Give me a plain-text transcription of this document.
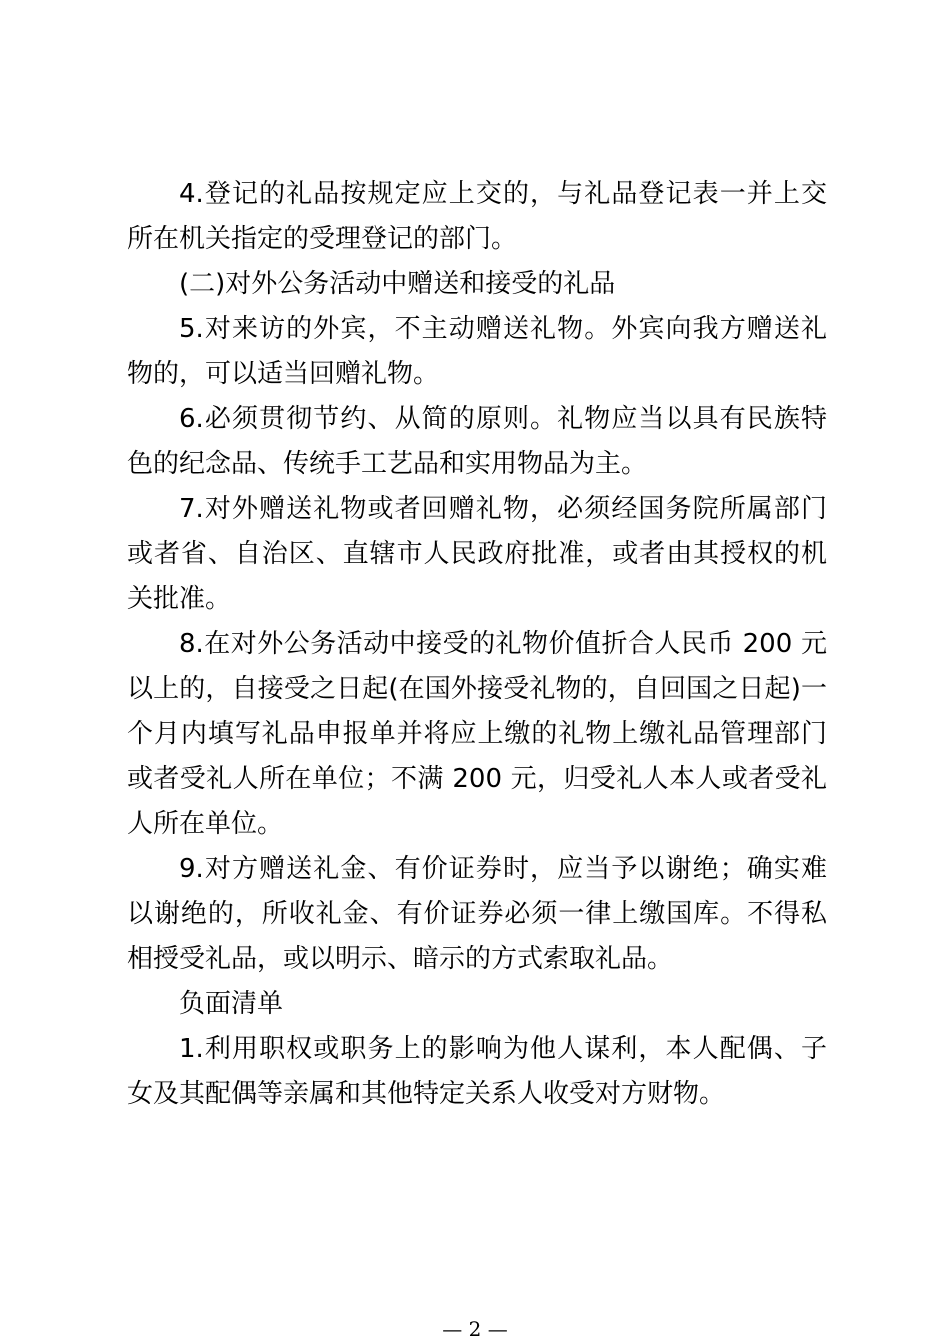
4.登记的礼品按规定应上交的，与礼品登记表一并上交所在机关指定的受理登记的部门。

(二)对外公务活动中赠送和接受的礼品

5.对来访的外宾，不主动赠送礼物。外宾向我方赠送礼物的，可以适当回赠礼物。

6.必须贯彻节约、从简的原则。礼物应当以具有民族特色的纪念品、传统手工艺品和实用物品为主。

7.对外赠送礼物或者回赠礼物，必须经国务院所属部门或者省、自治区、直辖市人民政府批准，或者由其授权的机关批准。

8.在对外公务活动中接受的礼物价值折合人民币 200 元以上的，自接受之日起(在国外接受礼物的，自回国之日起)一个月内填写礼品申报单并将应上缴的礼物上缴礼品管理部门或者受礼人所在单位；不满 200 元，归受礼人本人或者受礼人所在单位。

9.对方赠送礼金、有价证券时，应当予以谢绝；确实难以谢绝的，所收礼金、有价证券必须一律上缴国库。不得私相授受礼品，或以明示、暗示的方式索取礼品。

负面清单

1.利用职权或职务上的影响为他人谋利，本人配偶、子女及其配偶等亲属和其他特定关系人收受对方财物。

— 2 —
